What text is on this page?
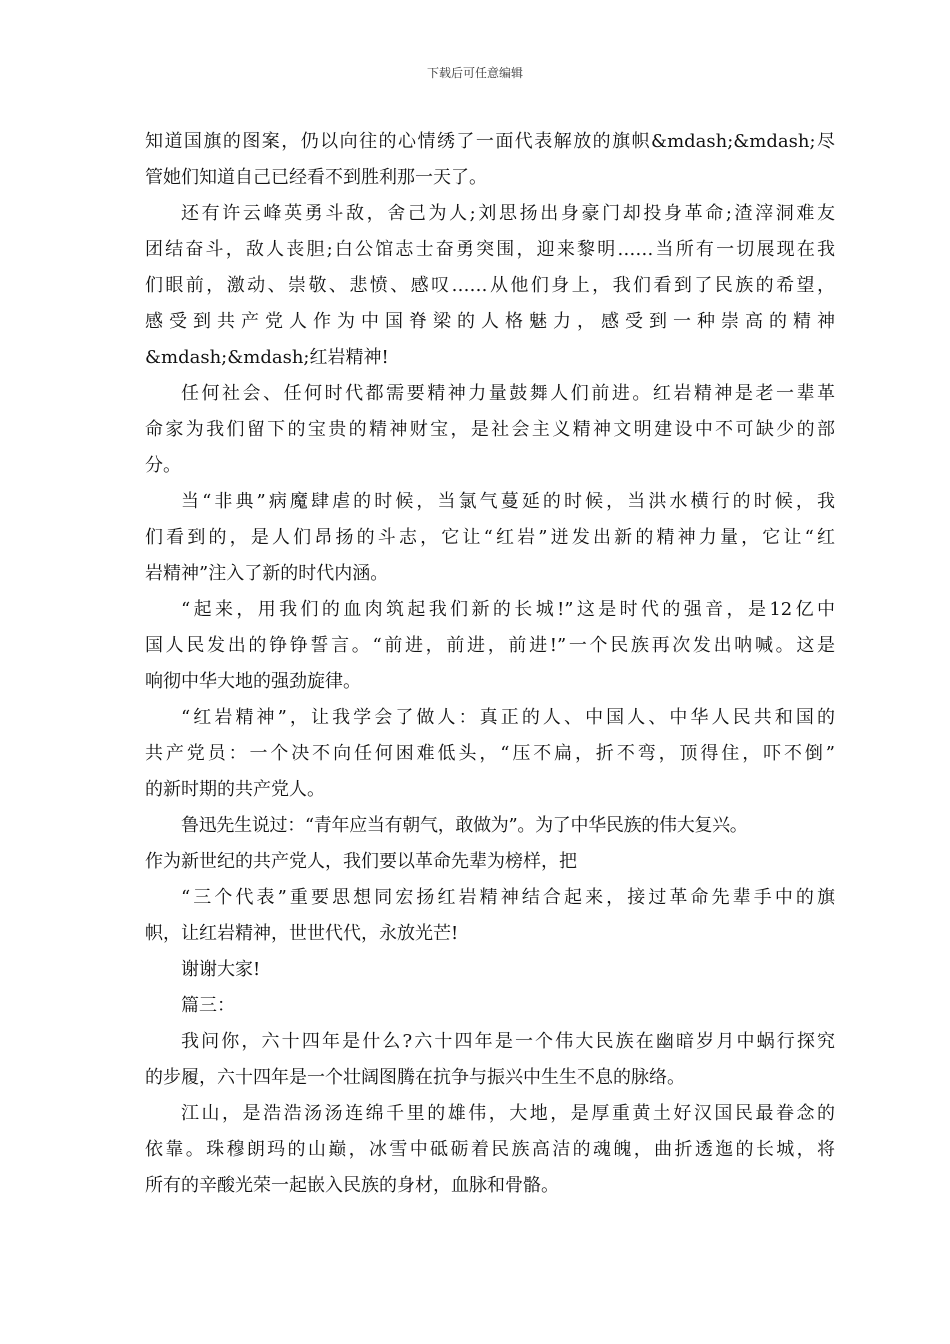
下载后可任意编辑
知道国旗的图案，仍以向往的心情绣了一面代表解放的旗帜&mdash;&mdash;尽
管她们知道自己已经看不到胜利那一天了。
还有许云峰英勇斗敌，舍己为人;刘思扬出身豪门却投身革命;渣滓洞难友
团结奋斗，敌人丧胆;白公馆志士奋勇突围，迎来黎明……当所有一切展现在我
们眼前，激动、崇敬、悲愤、感叹……从他们身上，我们看到了民族的希望，
感受到共产党人作为中国脊梁的人格魅力，感受到一种崇高的精神
&mdash;&mdash;红岩精神!
任何社会、任何时代都需要精神力量鼓舞人们前进。红岩精神是老一辈革
命家为我们留下的宝贵的精神财宝，是社会主义精神文明建设中不可缺少的部
分。
当“非典”病魔肆虐的时候，当氯气蔓延的时候，当洪水横行的时候，我
们看到的，是人们昂扬的斗志，它让“红岩”迸发出新的精神力量，它让“红
岩精神”注入了新的时代内涵。
“起来，用我们的血肉筑起我们新的长城!”这是时代的强音，是12亿中
国人民发出的铮铮誓言。“前进，前进，前进!”一个民族再次发出呐喊。这是
响彻中华大地的强劲旋律。
“红岩精神”，让我学会了做人：真正的人、中国人、中华人民共和国的
共产党员：一个决不向任何困难低头，“压不扁，折不弯，顶得住，吓不倒”
的新时期的共产党人。
鲁迅先生说过：“青年应当有朝气，敢做为”。为了中华民族的伟大复兴。
作为新世纪的共产党人，我们要以革命先辈为榜样，把
“三个代表”重要思想同宏扬红岩精神结合起来，接过革命先辈手中的旗
帜，让红岩精神，世世代代，永放光芒!
谢谢大家!
篇三：
我问你，六十四年是什么?六十四年是一个伟大民族在幽暗岁月中蜗行探究
的步履，六十四年是一个壮阔图腾在抗争与振兴中生生不息的脉络。
江山，是浩浩汤汤连绵千里的雄伟，大地，是厚重黄土好汉国民最眷念的
依靠。珠穆朗玛的山巅，冰雪中砥砺着民族高洁的魂魄，曲折透迤的长城，将
所有的辛酸光荣一起嵌入民族的身材，血脉和骨骼。
